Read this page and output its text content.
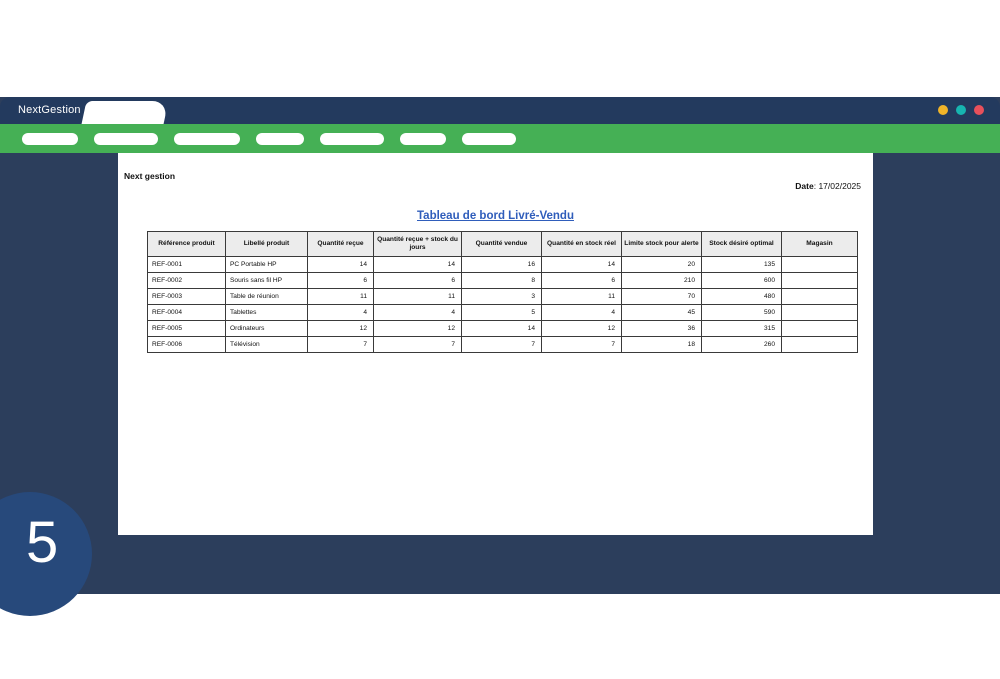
NextGestion
5
Next gestion
Date: 17/02/2025
Tableau de bord Livré-Vendu
Référence produit	Libellé produit	Quantité reçue	Quantité reçue + stock du jours	Quantité vendue	Quantité en stock réel	Limite stock pour alerte	Stock désiré optimal	Magasin
REF-0001	PC Portable HP	14	14	16	14	20	135	
REF-0002	Souris sans fil HP	6	6	8	6	210	600	
REF-0003	Table de réunion	11	11	3	11	70	480	
REF-0004	Tablettes	4	4	5	4	45	590	
REF-0005	Ordinateurs	12	12	14	12	36	315	
REF-0006	Télévision	7	7	7	7	18	260	
